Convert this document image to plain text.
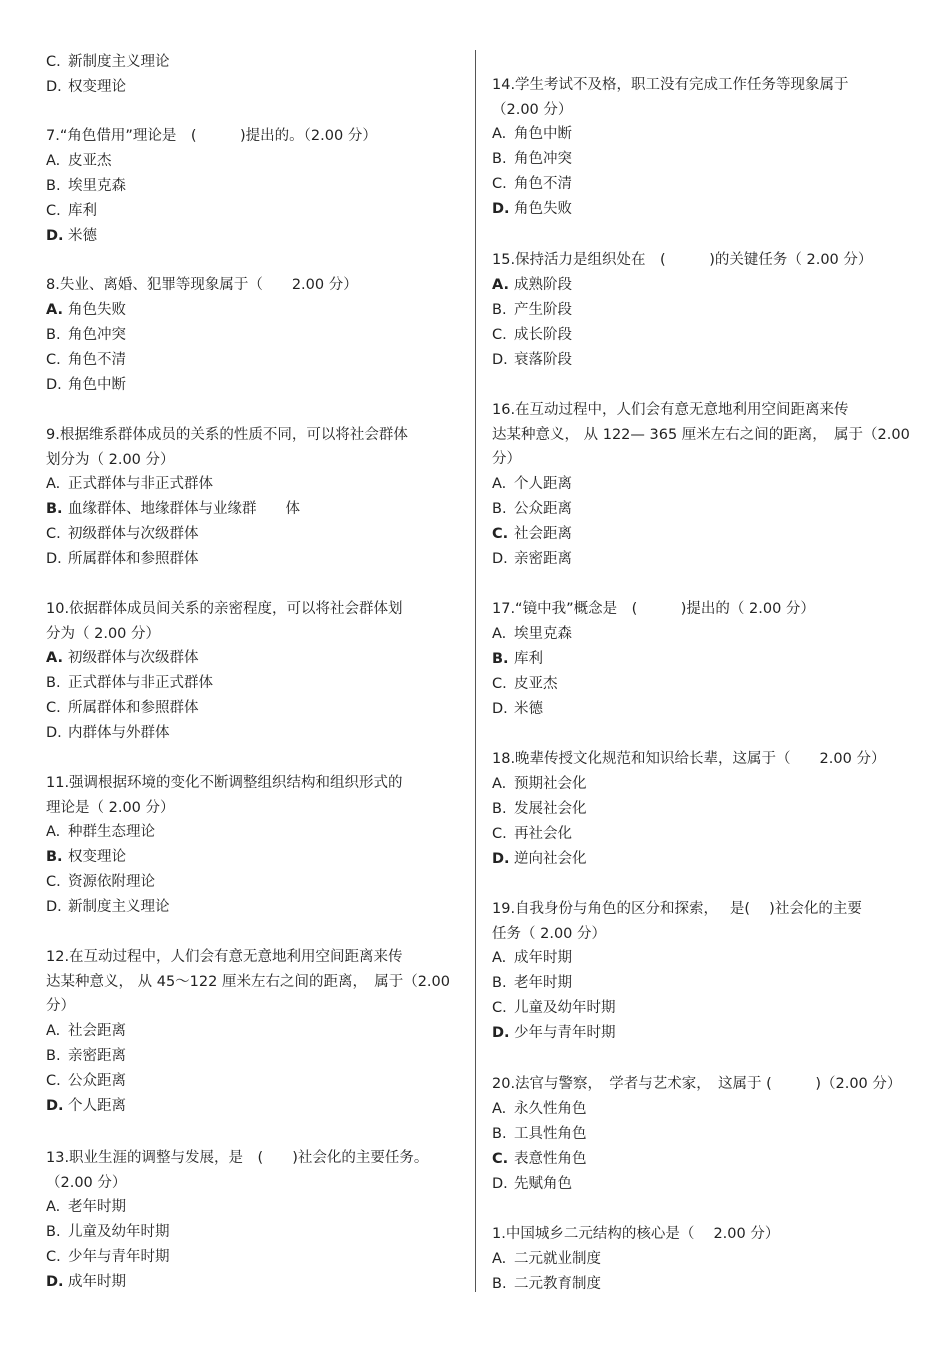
C. 新制度主义理论
D. 权变理论
7.“角色借用”理论是　(　　　)提出的。（2.00 分）
A. 皮亚杰
B. 埃里克森
C. 库利
D. 米德
8.失业、离婚、犯罪等现象属于（　　2.00 分）
A. 角色失败
B. 角色冲突
C. 角色不清
D. 角色中断
9.根据维系群体成员的关系的性质不同，可以将社会群体
划分为（ 2.00 分）
A. 正式群体与非正式群体
B. 血缘群体、地缘群体与业缘群　　体
C. 初级群体与次级群体
D. 所属群体和参照群体
10.依据群体成员间关系的亲密程度，可以将社会群体划
分为（ 2.00 分）
A. 初级群体与次级群体
B. 正式群体与非正式群体
C. 所属群体和参照群体
D. 内群体与外群体
11.强调根据环境的变化不断调整组织结构和组织形式的
理论是（ 2.00 分）
A. 种群生态理论
B. 权变理论
C. 资源依附理论
D. 新制度主义理论
12.在互动过程中，人们会有意无意地利用空间距离来传
达某种意义， 从 45～122 厘米左右之间的距离，　属于（2.00
分）
A. 社会距离
B. 亲密距离
C. 公众距离
D. 个人距离
13.职业生涯的调整与发展，是　(　　)社会化的主要任务。
（2.00 分）
A. 老年时期
B. 儿童及幼年时期
C. 少年与青年时期
D. 成年时期
14.学生考试不及格，职工没有完成工作任务等现象属于
（2.00 分）
A. 角色中断
B. 角色冲突
C. 角色不清
D. 角色失败
15.保持活力是组织处在　(　　　)的关键任务（ 2.00 分）
A. 成熟阶段
B. 产生阶段
C. 成长阶段
D. 衰落阶段
16.在互动过程中，人们会有意无意地利用空间距离来传
达某种意义， 从 122— 365 厘米左右之间的距离，　属于（2.00
分）
A. 个人距离
B. 公众距离
C. 社会距离
D. 亲密距离
17.“镜中我”概念是　(　　　)提出的（ 2.00 分）
A. 埃里克森
B. 库利
C. 皮亚杰
D. 米德
18.晚辈传授文化规范和知识给长辈，这属于（　　2.00 分）
A. 预期社会化
B. 发展社会化
C. 再社会化
D. 逆向社会化
19.自我身份与角色的区分和探索，　 是(　 )社会化的主要
任务（ 2.00 分）
A. 成年时期
B. 老年时期
C. 儿童及幼年时期
D. 少年与青年时期
20.法官与警察，　学者与艺术家，　这属于 (　　　)（2.00 分）
A. 永久性角色
B. 工具性角色
C. 表意性角色
D. 先赋角色
1.中国城乡二元结构的核心是（　 2.00 分）
A. 二元就业制度
B. 二元教育制度
